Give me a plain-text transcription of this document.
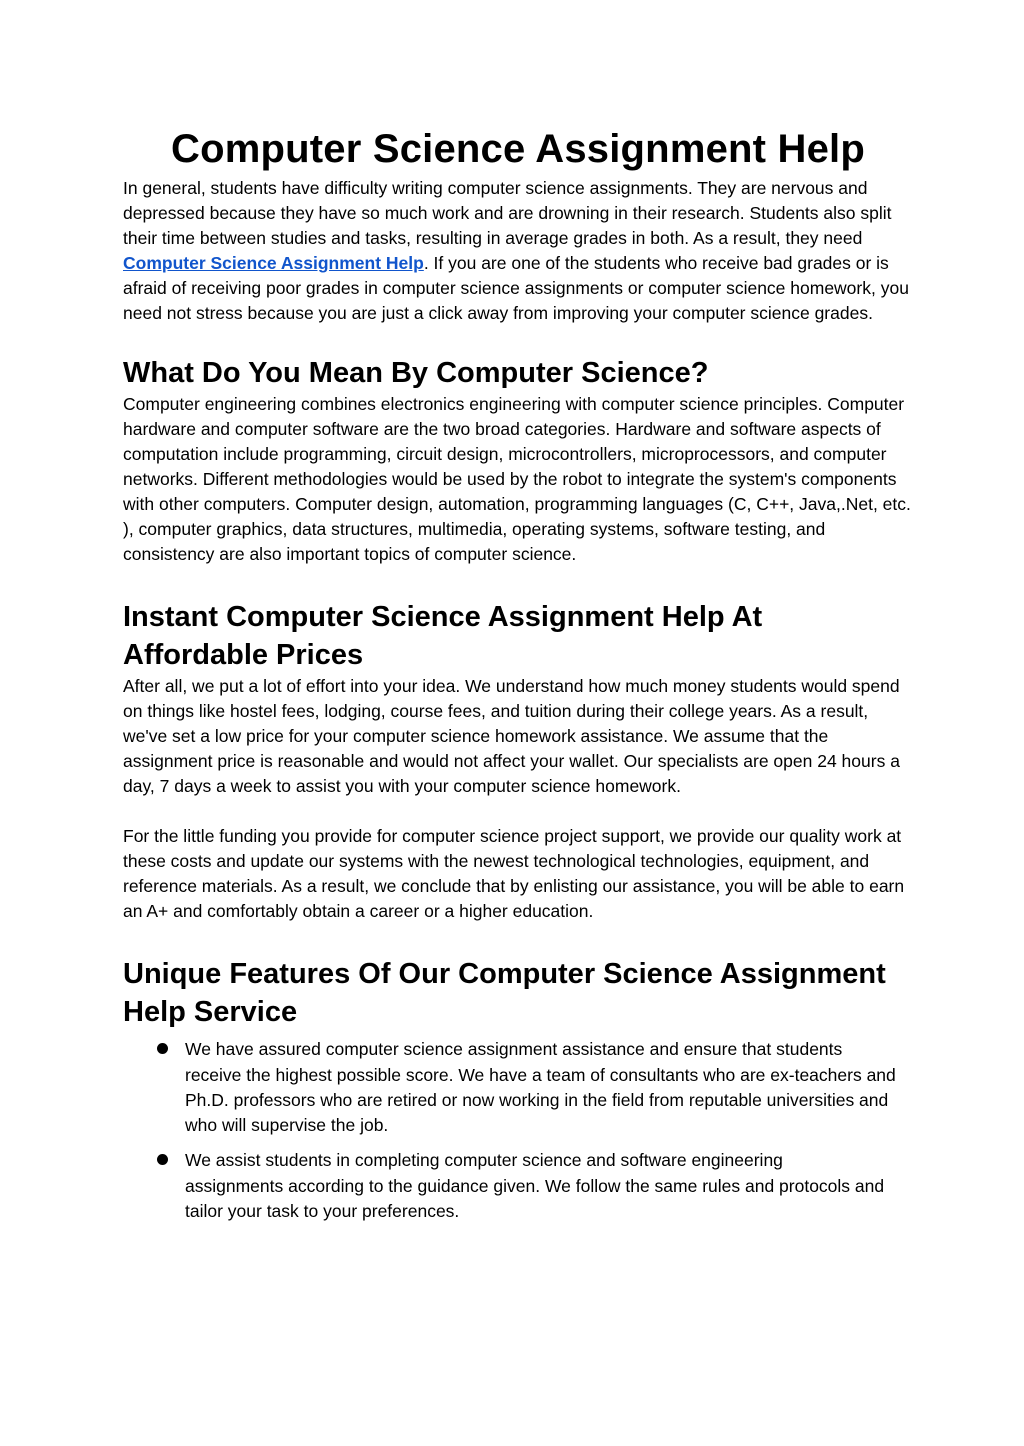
Computer Science Assignment Help

In general, students have difficulty writing computer science assignments. They are nervous and depressed because they have so much work and are drowning in their research. Students also split their time between studies and tasks, resulting in average grades in both. As a result, they need Computer Science Assignment Help. If you are one of the students who receive bad grades or is afraid of receiving poor grades in computer science assignments or computer science homework, you need not stress because you are just a click away from improving your computer science grades.

What Do You Mean By Computer Science?

Computer engineering combines electronics engineering with computer science principles. Computer hardware and computer software are the two broad categories. Hardware and software aspects of computation include programming, circuit design, microcontrollers, microprocessors, and computer networks. Different methodologies would be used by the robot to integrate the system's components with other computers. Computer design, automation, programming languages (C, C++, Java,.Net, etc. ), computer graphics, data structures, multimedia, operating systems, software testing, and consistency are also important topics of computer science.

Instant Computer Science Assignment Help At Affordable Prices

After all, we put a lot of effort into your idea. We understand how much money students would spend on things like hostel fees, lodging, course fees, and tuition during their college years. As a result, we've set a low price for your computer science homework assistance. We assume that the assignment price is reasonable and would not affect your wallet. Our specialists are open 24 hours a day, 7 days a week to assist you with your computer science homework.

For the little funding you provide for computer science project support, we provide our quality work at these costs and update our systems with the newest technological technologies, equipment, and reference materials. As a result, we conclude that by enlisting our assistance, you will be able to earn an A+ and comfortably obtain a career or a higher education.

Unique Features Of Our Computer Science Assignment Help Service
We have assured computer science assignment assistance and ensure that students
receive the highest possible score. We have a team of consultants who are ex-teachers and Ph.D. professors who are retired or now working in the field from reputable universities and who will supervise the job.
We assist students in completing computer science and software engineering
assignments according to the guidance given. We follow the same rules and protocols and tailor your task to your preferences.
